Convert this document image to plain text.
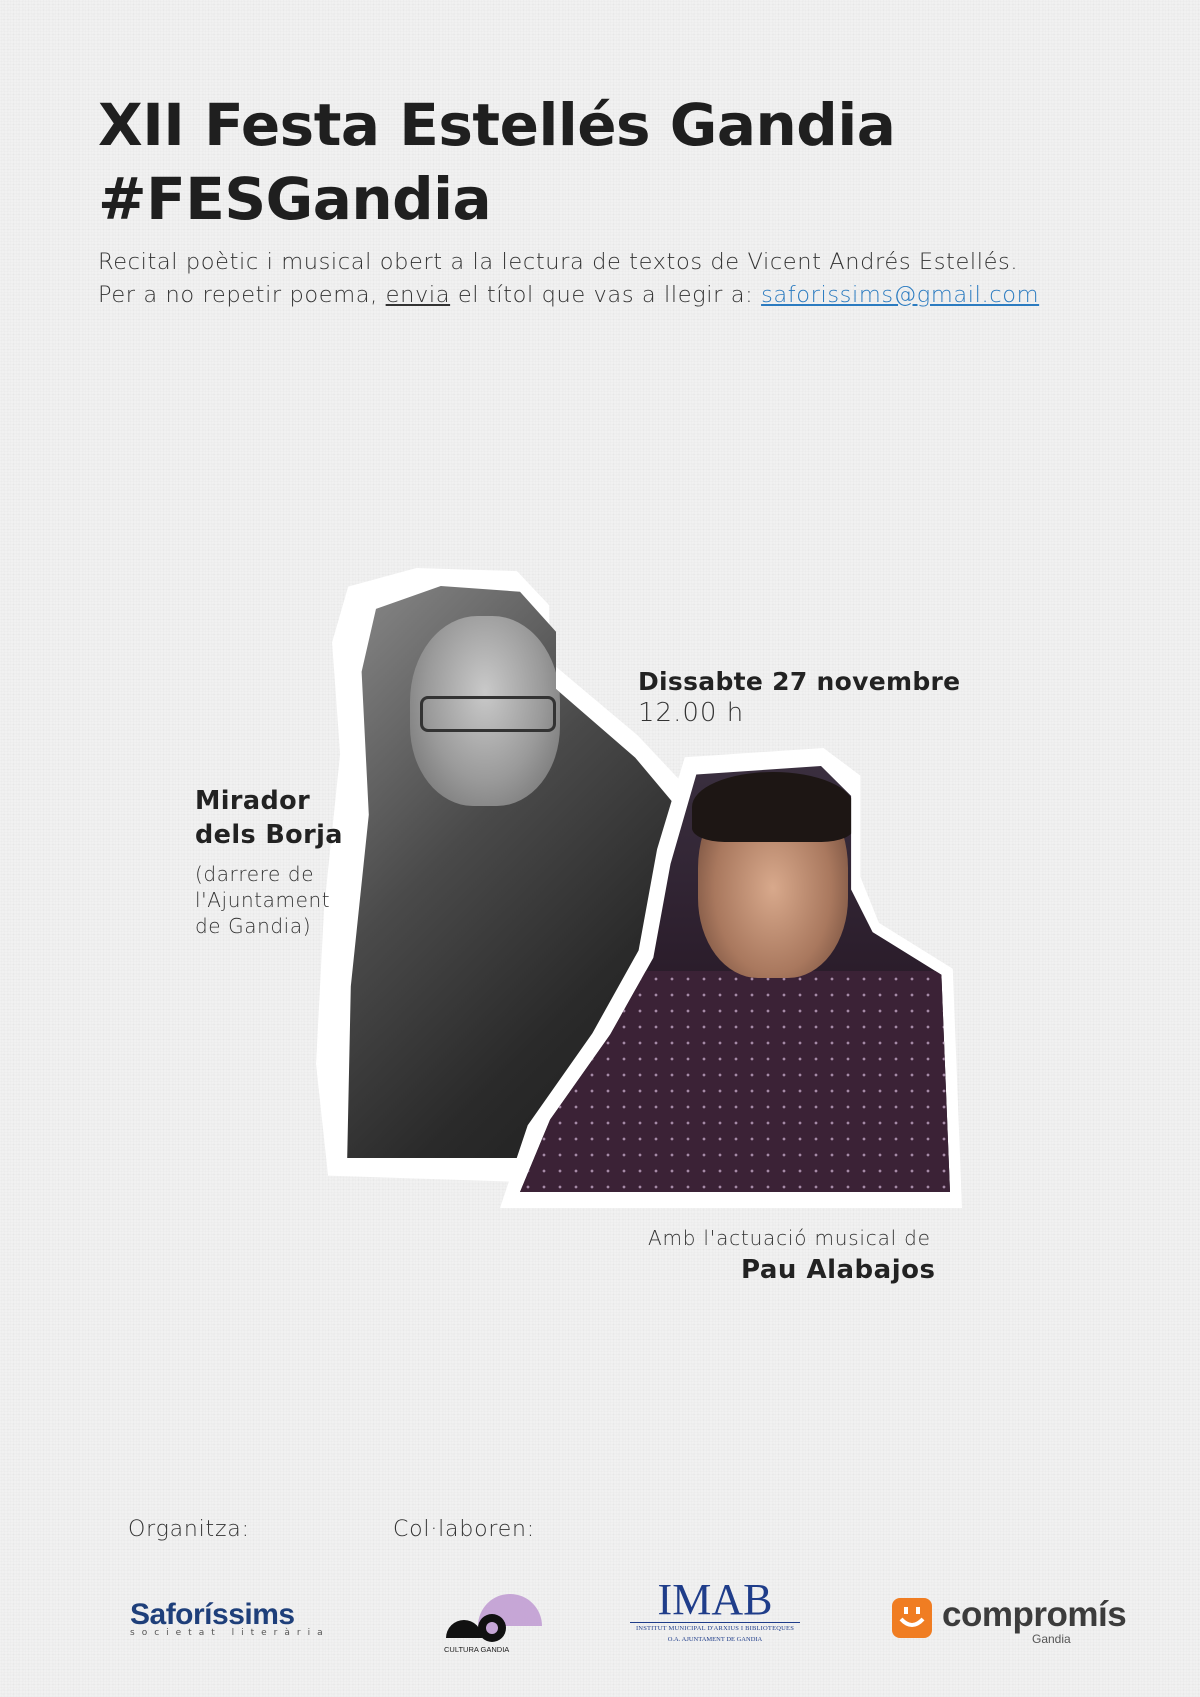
XII Festa Estellés Gandia
#FESGandia
Recital poètic i musical obert a la lectura de textos de Vicent Andrés Estellés.
Per a no repetir poema, envia el títol que vas a llegir a: saforissims@gmail.com
Dissabte 27 novembre
12.00 h
Mirador
dels Borja
(darrere de
l'Ajuntament
de Gandia)
Amb l'actuació musical de
Pau Alabajos
Organitza:	Col·laboren:
Saforíssims
societat literària
CULTURA GANDIA
IMAB
INSTITUT MUNICIPAL D'ARXIUS I BIBLIOTEQUES
O.A. AJUNTAMENT DE GANDIA
compromís
Gandia
